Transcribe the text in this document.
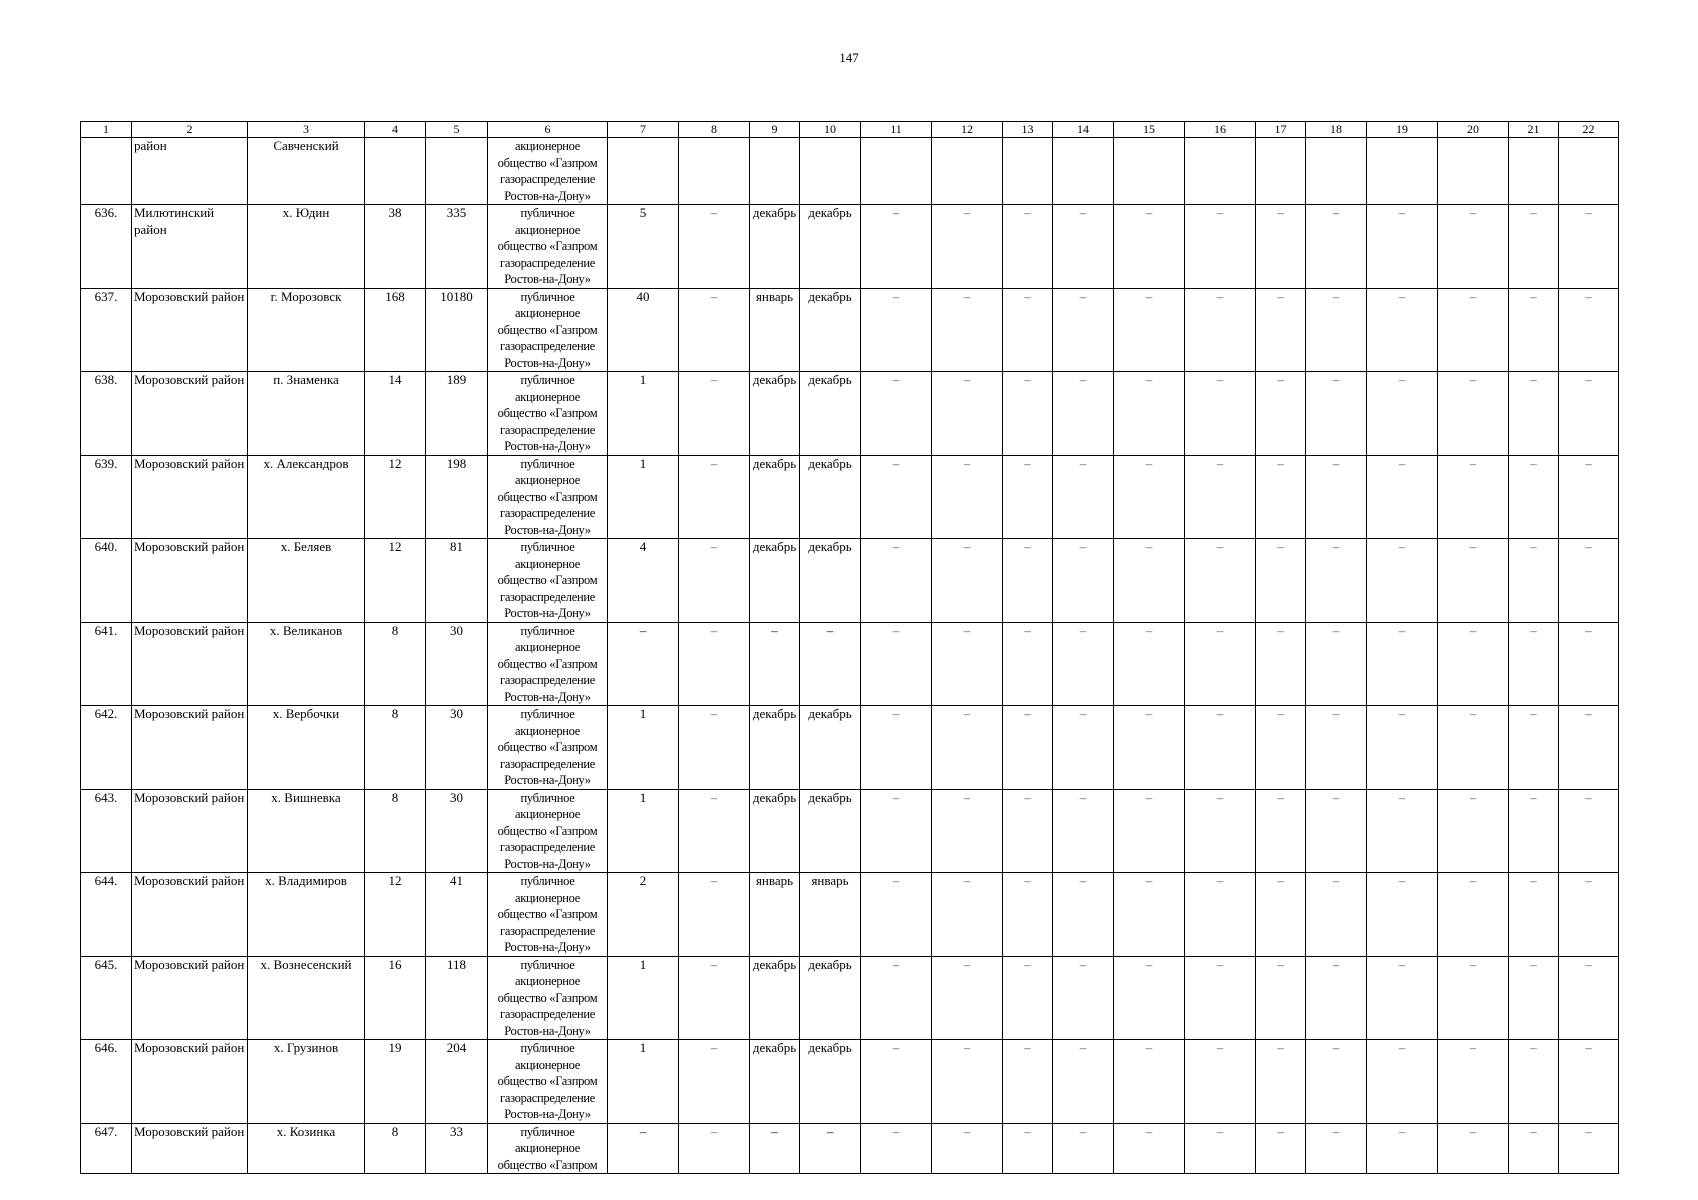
147
1	2	3	4	5	6	7	8	9	10	11	12	13	14	15	16	17	18	19	20	21	22
	район	Савченский			акционерное общество «Газпром газораспределение Ростов-на-Дону»																
636.	Милютинский район	х. Юдин	38	335	публичное акционерное общество «Газпром газораспределение Ростов-на-Дону»	5	–	декабрь	декабрь	–	–	–	–	–	–	–	–	–	–	–	–
637.	Морозовский район	г. Морозовск	168	10180	публичное акционерное общество «Газпром газораспределение Ростов-на-Дону»	40	–	январь	декабрь	–	–	–	–	–	–	–	–	–	–	–	–
638.	Морозовский район	п. Знаменка	14	189	публичное акционерное общество «Газпром газораспределение Ростов-на-Дону»	1	–	декабрь	декабрь	–	–	–	–	–	–	–	–	–	–	–	–
639.	Морозовский район	х. Александров	12	198	публичное акционерное общество «Газпром газораспределение Ростов-на-Дону»	1	–	декабрь	декабрь	–	–	–	–	–	–	–	–	–	–	–	–
640.	Морозовский район	х. Беляев	12	81	публичное акционерное общество «Газпром газораспределение Ростов-на-Дону»	4	–	декабрь	декабрь	–	–	–	–	–	–	–	–	–	–	–	–
641.	Морозовский район	х. Великанов	8	30	публичное акционерное общество «Газпром газораспределение Ростов-на-Дону»	–	–	–	–	–	–	–	–	–	–	–	–	–	–	–	–
642.	Морозовский район	х. Вербочки	8	30	публичное акционерное общество «Газпром газораспределение Ростов-на-Дону»	1	–	декабрь	декабрь	–	–	–	–	–	–	–	–	–	–	–	–
643.	Морозовский район	х. Вишневка	8	30	публичное акционерное общество «Газпром газораспределение Ростов-на-Дону»	1	–	декабрь	декабрь	–	–	–	–	–	–	–	–	–	–	–	–
644.	Морозовский район	х. Владимиров	12	41	публичное акционерное общество «Газпром газораспределение Ростов-на-Дону»	2	–	январь	январь	–	–	–	–	–	–	–	–	–	–	–	–
645.	Морозовский район	х. Вознесенский	16	118	публичное акционерное общество «Газпром газораспределение Ростов-на-Дону»	1	–	декабрь	декабрь	–	–	–	–	–	–	–	–	–	–	–	–
646.	Морозовский район	х. Грузинов	19	204	публичное акционерное общество «Газпром газораспределение Ростов-на-Дону»	1	–	декабрь	декабрь	–	–	–	–	–	–	–	–	–	–	–	–
647.	Морозовский район	х. Козинка	8	33	публичное акционерное общество «Газпром	–	–	–	–	–	–	–	–	–	–	–	–	–	–	–	–
